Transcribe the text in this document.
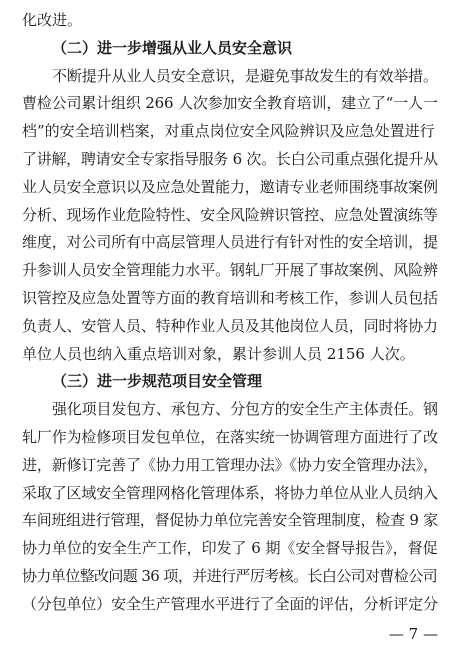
化改进。
（二）进一步增强从业人员安全意识
不断提升从业人员安全意识，是避免事故发生的有效举措。
曹检公司累计组织 266 人次参加安全教育培训，建立了“一人一
档”的安全培训档案，对重点岗位安全风险辨识及应急处置进行
了讲解，聘请安全专家指导服务 6 次。长白公司重点强化提升从
业人员安全意识以及应急处置能力，邀请专业老师围绕事故案例
分析、现场作业危险特性、安全风险辨识管控、应急处置演练等
维度，对公司所有中高层管理人员进行有针对性的安全培训，提
升参训人员安全管理能力水平。钢轧厂开展了事故案例、风险辨
识管控及应急处置等方面的教育培训和考核工作，参训人员包括
负责人、安管人员、特种作业人员及其他岗位人员，同时将协力
单位人员也纳入重点培训对象，累计参训人员 2156 人次。
（三）进一步规范项目安全管理
强化项目发包方、承包方、分包方的安全生产主体责任。钢
轧厂作为检修项目发包单位，在落实统一协调管理方面进行了改
进，新修订完善了《协力用工管理办法》《协力安全管理办法》，
采取了区域安全管理网格化管理体系，将协力单位从业人员纳入
车间班组进行管理，督促协力单位完善安全管理制度，检查 9 家
协力单位的安全生产工作，印发了 6 期《安全督导报告》，督促
协力单位整改问题 36 项，并进行严厉考核。长白公司对曹检公司
（分包单位）安全生产管理水平进行了全面的评估，分析评定分
— 7 —
